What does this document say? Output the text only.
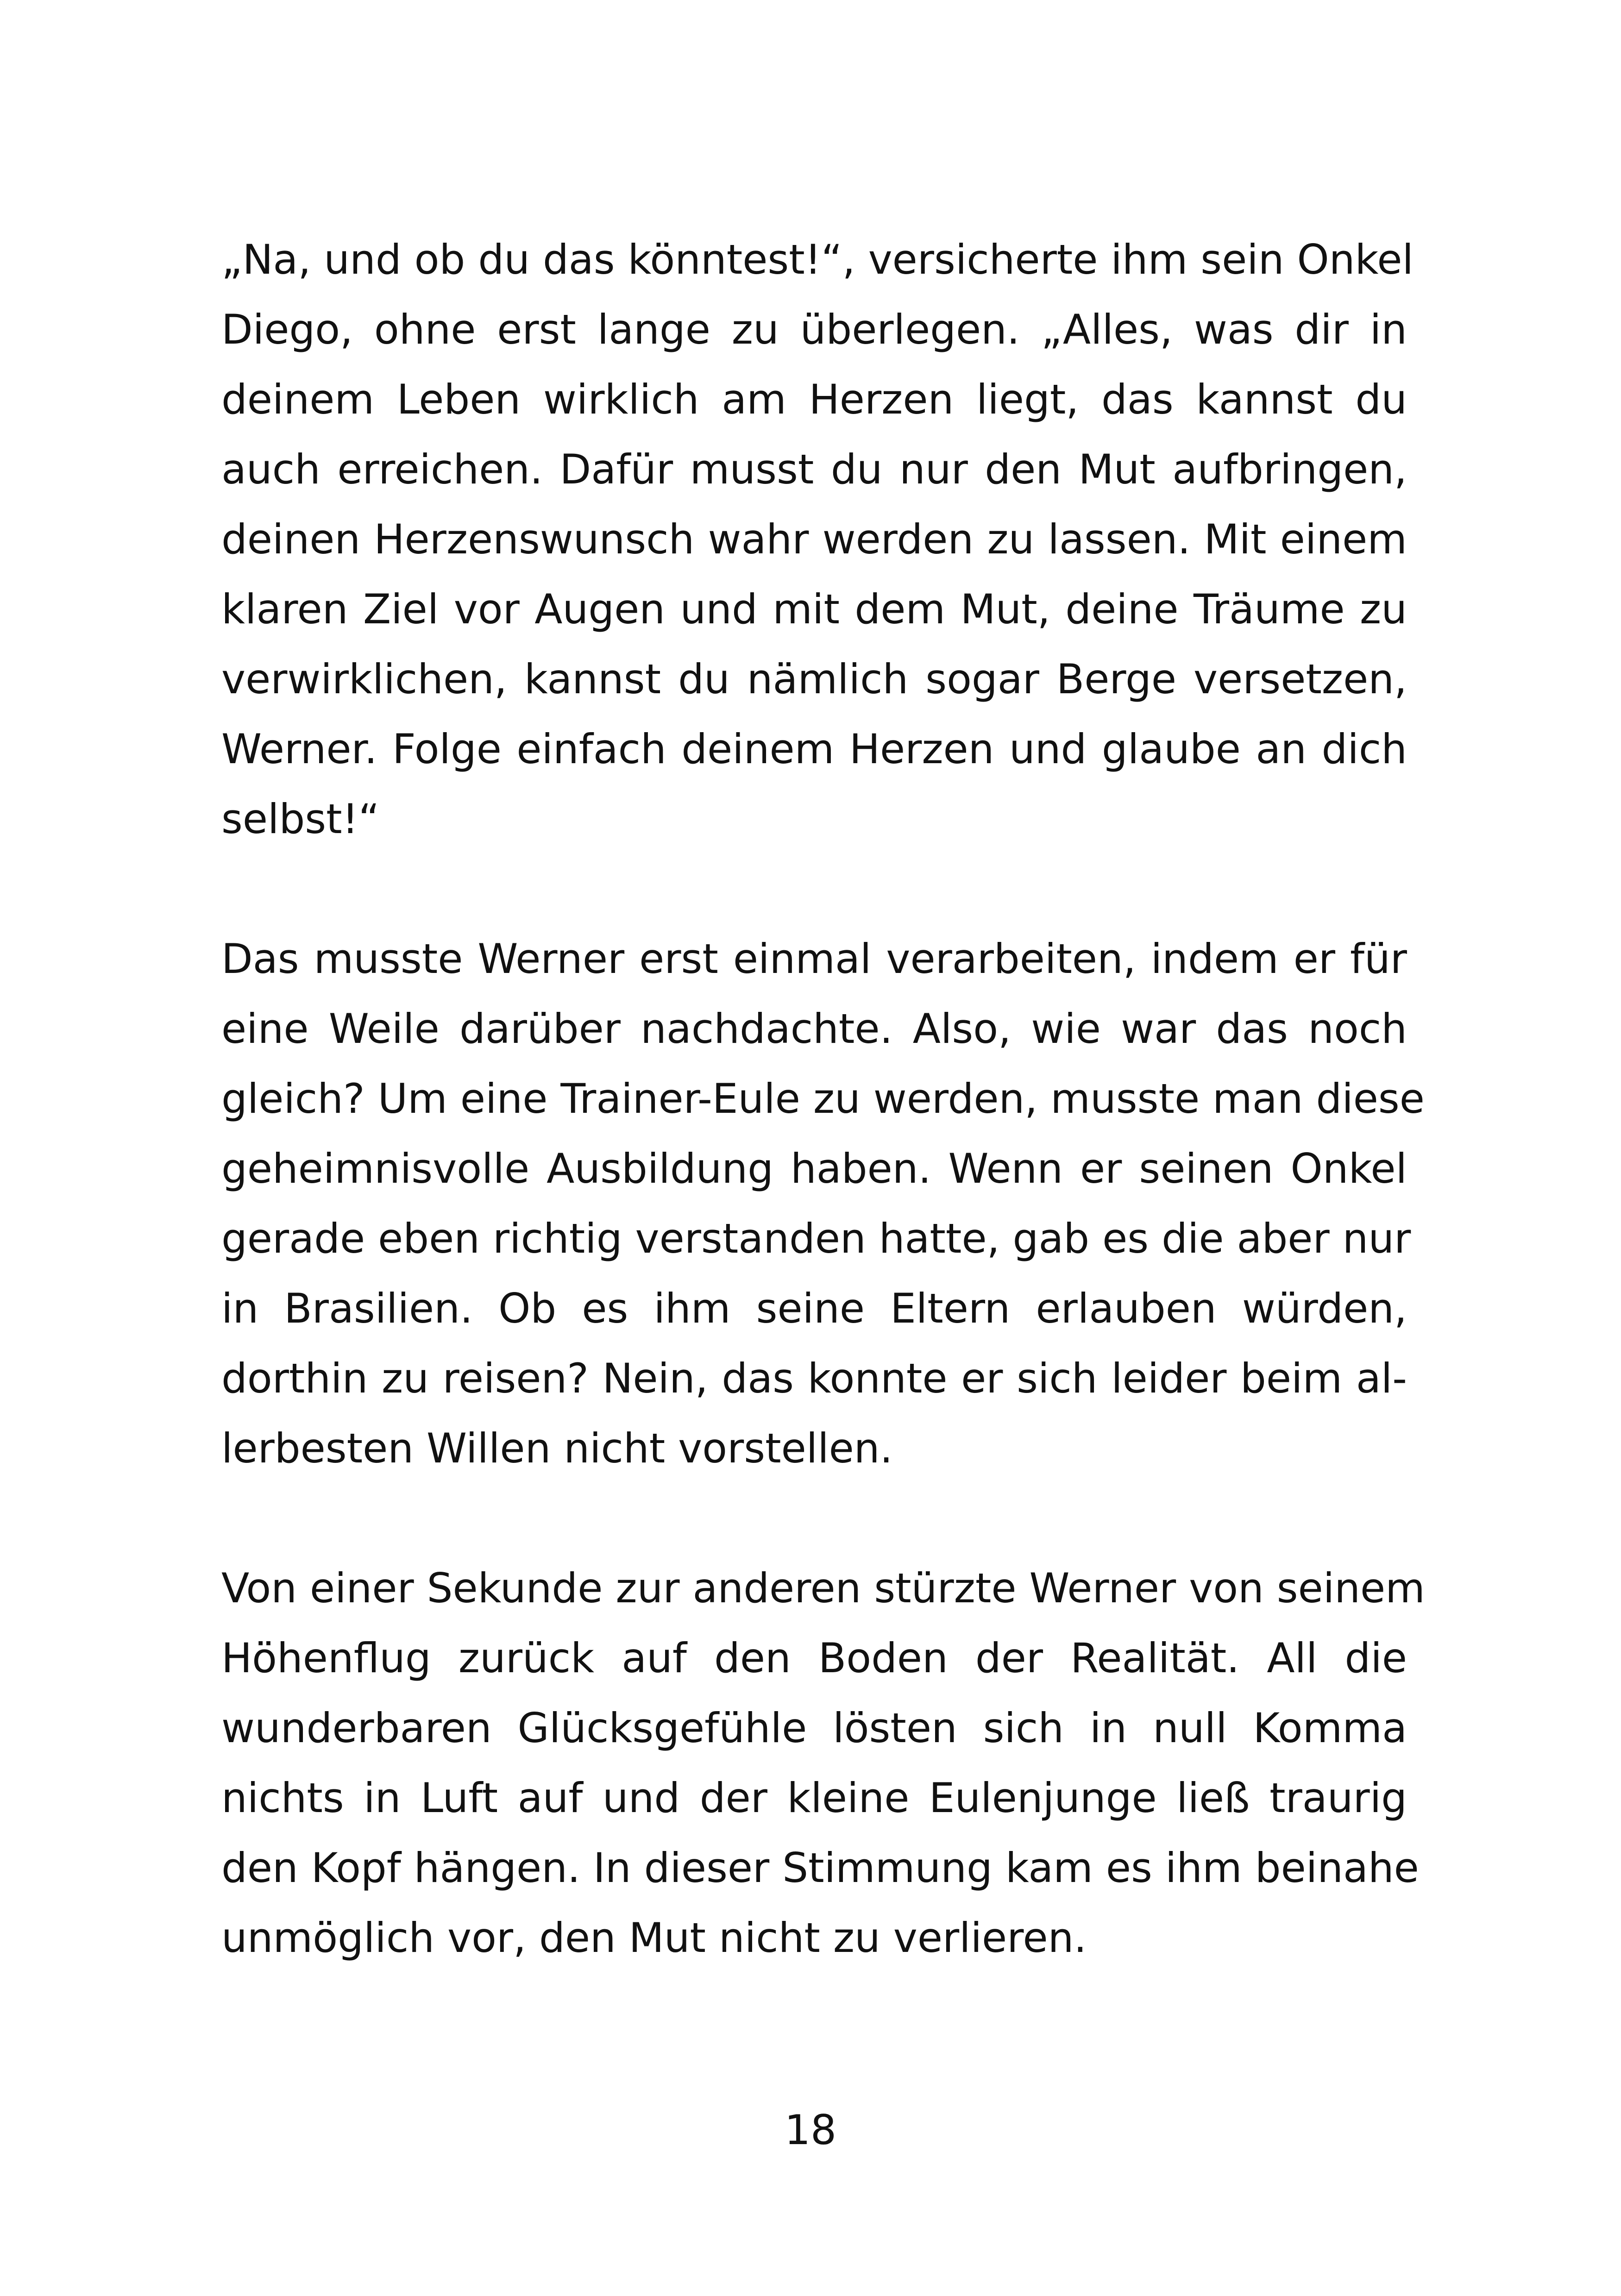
„Na, und ob du das könntest!“, versicherte ihm sein Onkel
Diego, ohne erst lange zu überlegen. „Alles, was dir in
deinem Leben wirklich am Herzen liegt, das kannst du
auch erreichen. Dafür musst du nur den Mut aufbringen,
deinen Herzenswunsch wahr werden zu lassen. Mit einem
klaren Ziel vor Augen und mit dem Mut, deine Träume zu
verwirklichen, kannst du nämlich sogar Berge versetzen,
Werner. Folge einfach deinem Herzen und glaube an dich
selbst!“
Das musste Werner erst einmal verarbeiten, indem er für
eine Weile darüber nachdachte. Also, wie war das noch
gleich? Um eine Trainer-Eule zu werden, musste man diese
geheimnisvolle Ausbildung haben. Wenn er seinen Onkel
gerade eben richtig verstanden hatte, gab es die aber nur
in Brasilien. Ob es ihm seine Eltern erlauben würden,
dorthin zu reisen? Nein, das konnte er sich leider beim al-
lerbesten Willen nicht vorstellen.
Von einer Sekunde zur anderen stürzte Werner von seinem
Höhenflug zurück auf den Boden der Realität. All die
wunderbaren Glücksgefühle lösten sich in null Komma
nichts in Luft auf und der kleine Eulenjunge ließ traurig
den Kopf hängen. In dieser Stimmung kam es ihm beinahe
unmöglich vor, den Mut nicht zu verlieren.
18
